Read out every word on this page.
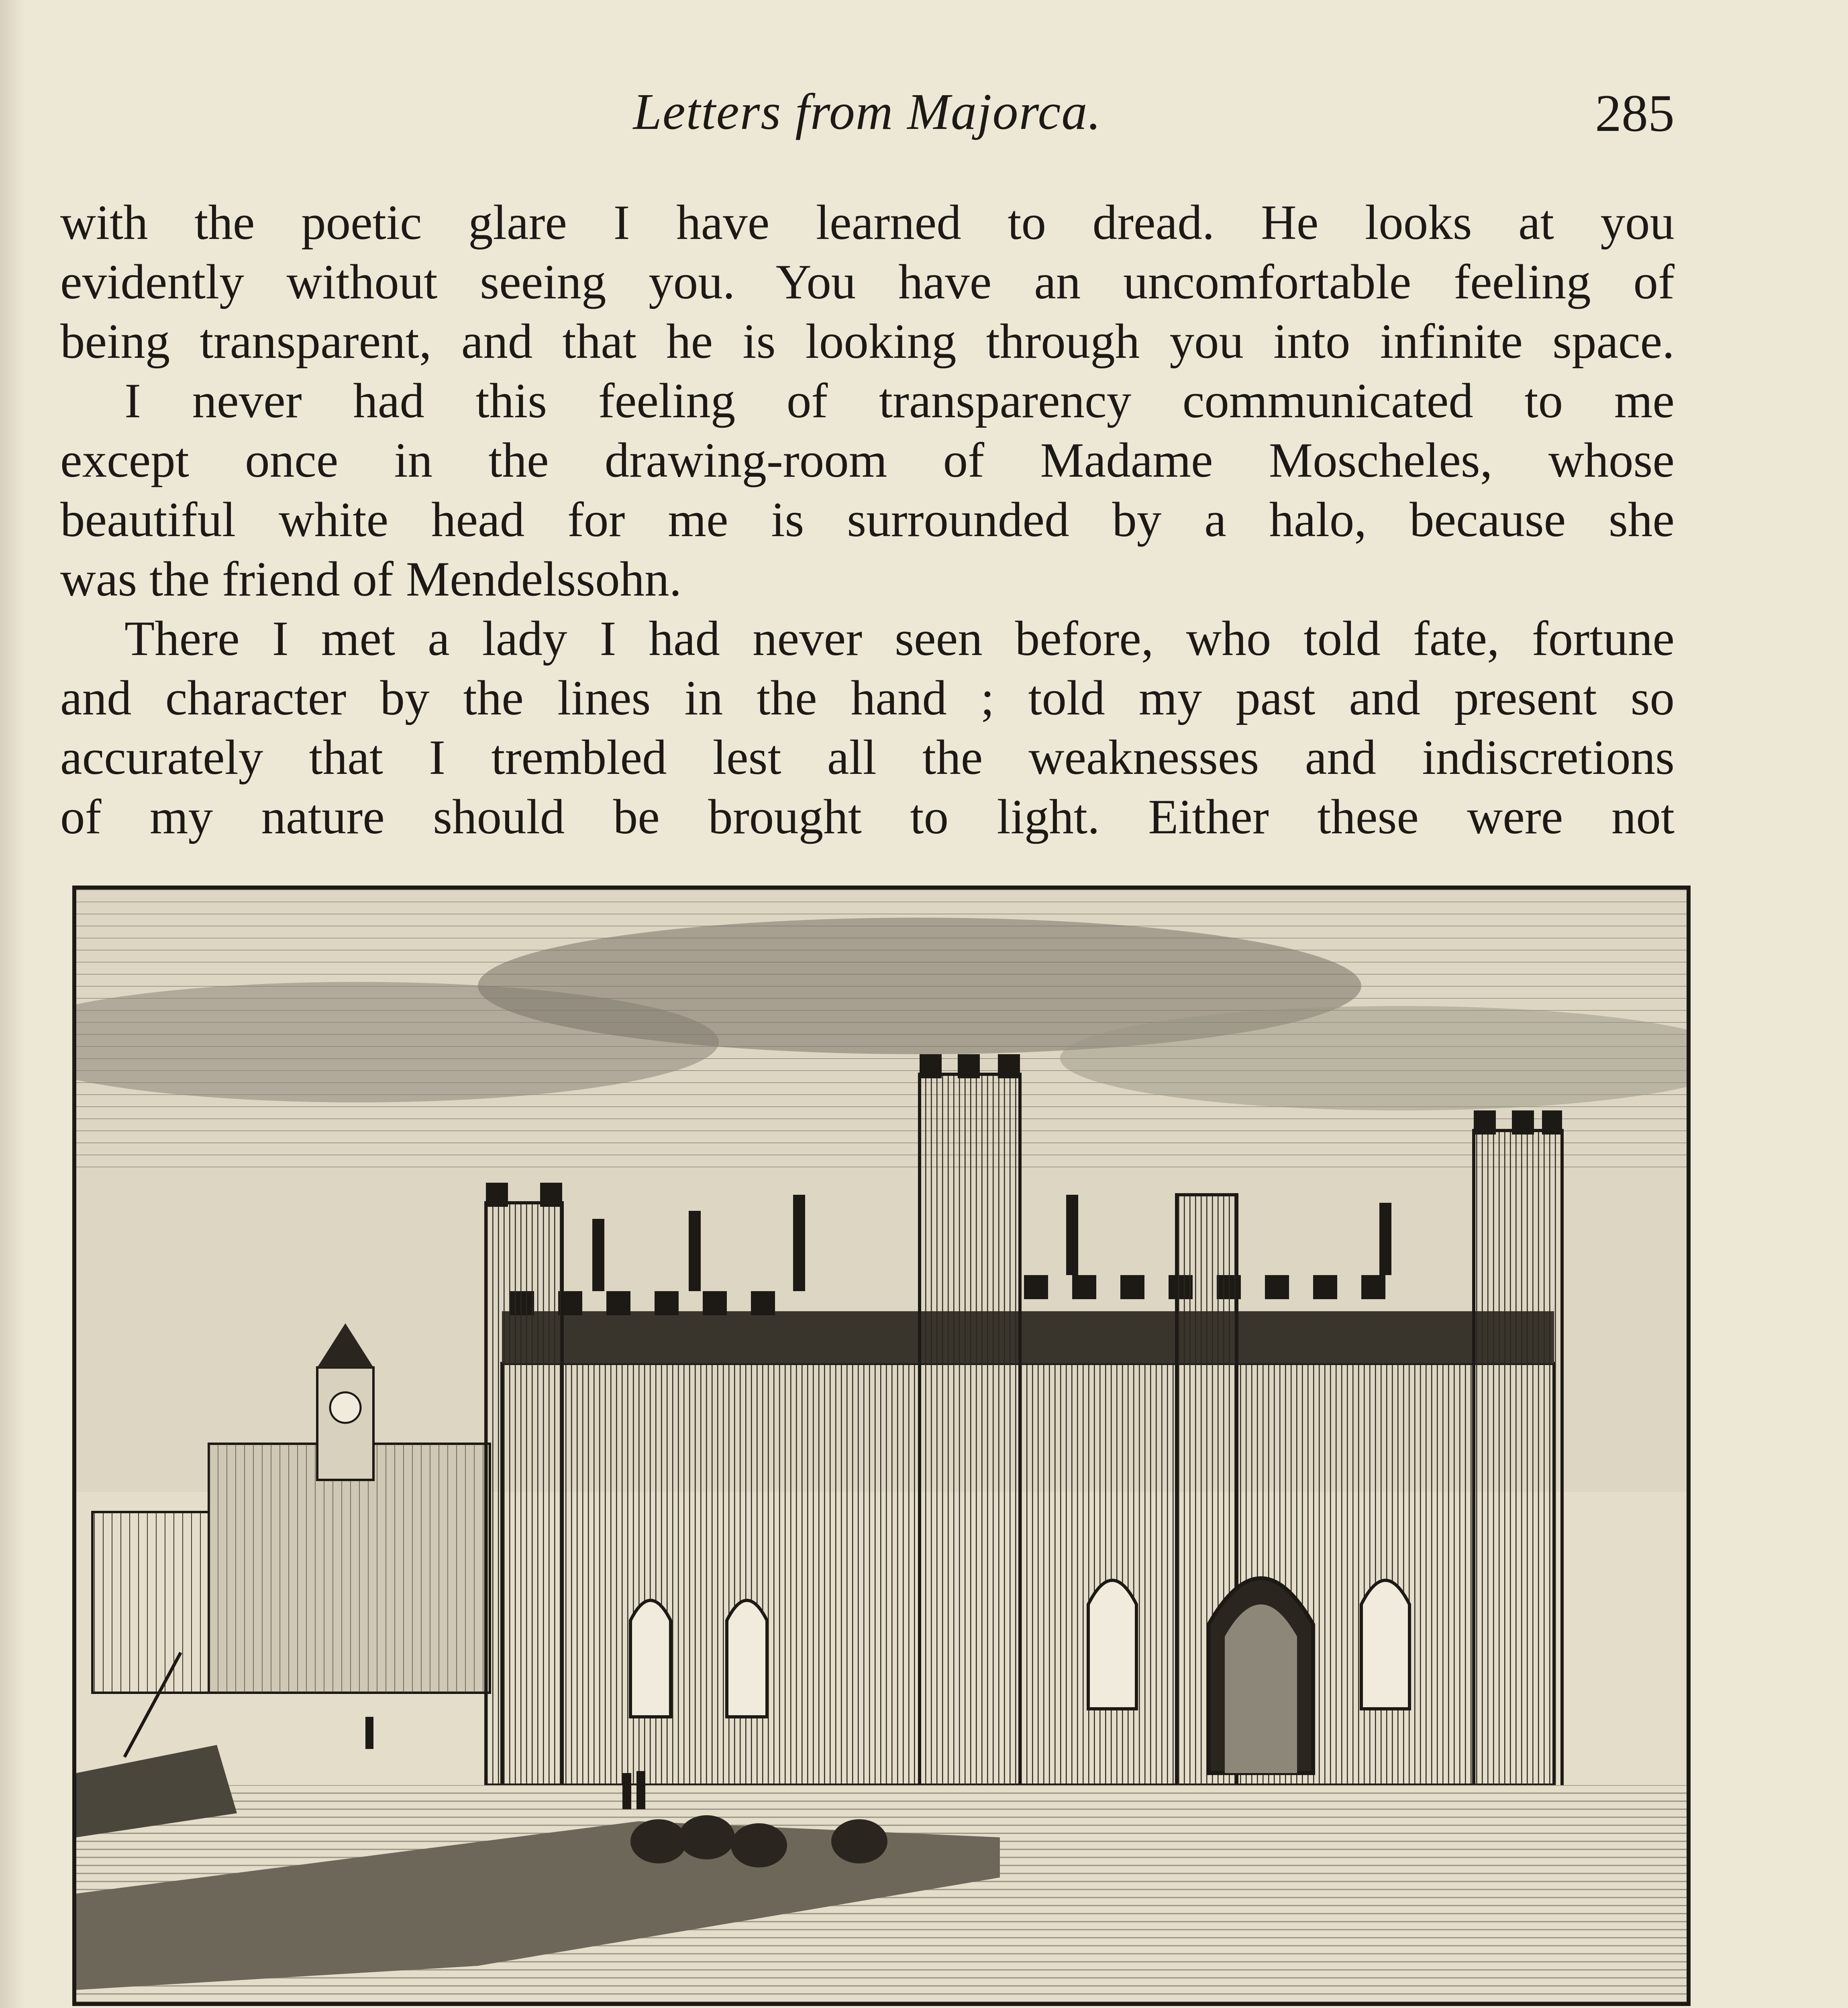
Letters from Majorca.	285
with the poetic glare I have learned to dread. He looks at you
evidently without seeing you. You have an uncomfortable feeling of
being transparent, and that he is looking through you into infinite space.
I never had this feeling of transparency communicated to me
except once in the drawing-room of Madame Moscheles, whose
beautiful white head for me is surrounded by a halo, because she
was the friend of Mendelssohn.
There I met a lady I had never seen before, who told fate, fortune
and character by the lines in the hand ; told my past and present so
accurately that I trembled lest all the weaknesses and indiscretions
of my nature should be brought to light. Either these were not
